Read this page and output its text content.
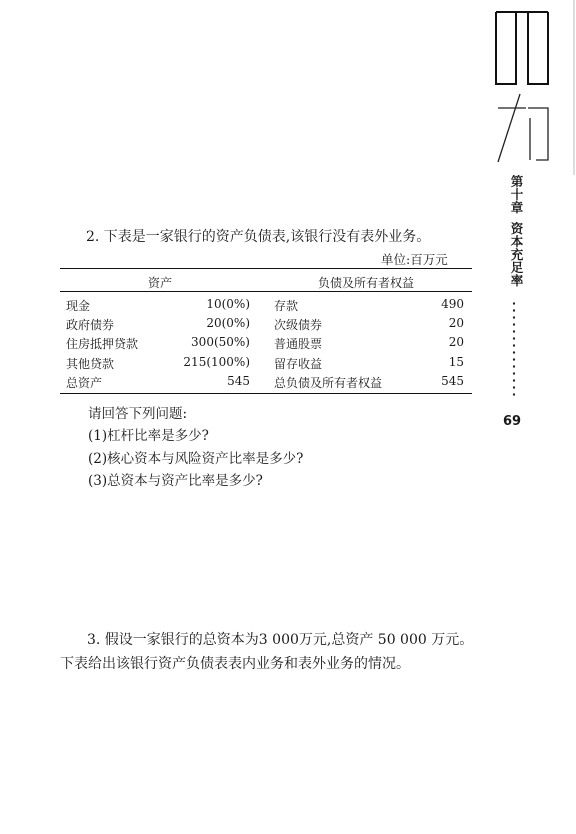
第十章资本充足率
69
2. 下表是一家银行的资产负债表,该银行没有表外业务。
单位:百万元
资产	负债及所有者权益
现金	10(0%) 存款	490
政府债券	20(0%) 次级债券	20
住房抵押贷款	300(50%) 普通股票	20
其他贷款	215(100%) 留存收益	15
总资产	545 总负债及所有者权益	545
请回答下列问题:
(1)杠杆比率是多少?
(2)核心资本与风险资产比率是多少?
(3)总资本与资产比率是多少?
3. 假设一家银行的总资本为3 000万元,总资产 50 000 万元。
下表给出该银行资产负债表表内业务和表外业务的情况。
